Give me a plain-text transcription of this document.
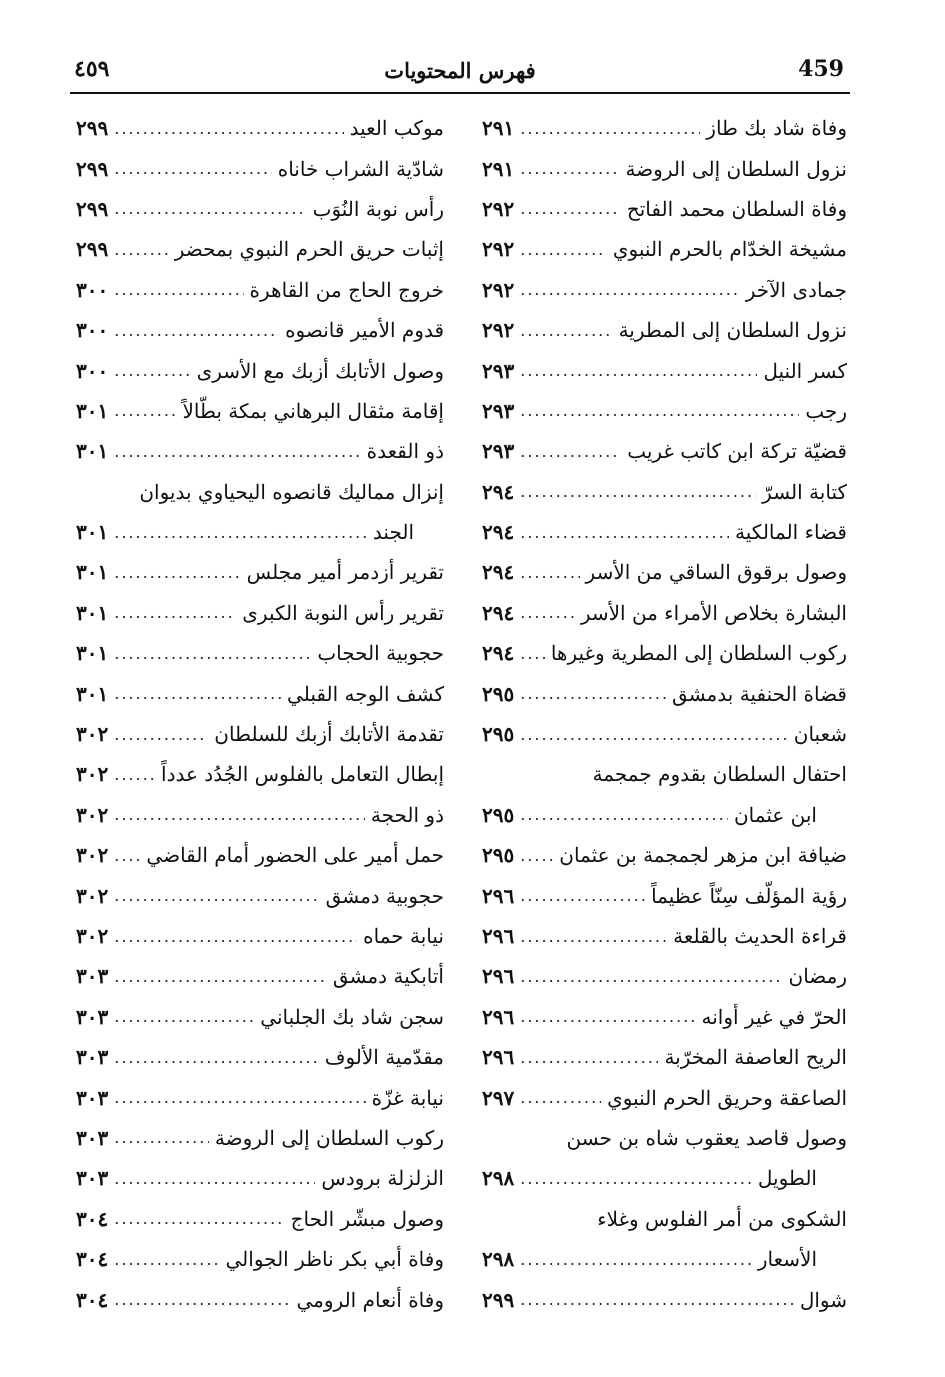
٤٥٩	فهرس المحتويات	459
وفاة شاد بك طاز
.....
٢٩١
نزول السلطان إلى الروضة
.....
٢٩١
وفاة السلطان محمد الفاتح
.....
٢٩٢
مشيخة الخدّام بالحرم النبوي
.....
٢٩٢
جمادى الآخر
.....
٢٩٢
نزول السلطان إلى المطرية
.....
٢٩٢
كسر النيل
.....
٢٩٣
رجب
.....
٢٩٣
قضيّة تركة ابن كاتب غريب
.....
٢٩٣
كتابة السرّ
.....
٢٩٤
قضاء المالكية
.....
٢٩٤
وصول برقوق الساقي من الأسر
.....
٢٩٤
البشارة بخلاص الأمراء من الأسر
.....
٢٩٤
ركوب السلطان إلى المطرية وغيرها
.....
٢٩٤
قضاة الحنفية بدمشق
.....
٢٩٥
شعبان
.....
٢٩٥
احتفال السلطان بقدوم جمجمة
ابن عثمان
.....
٢٩٥
ضيافة ابن مزهر لجمجمة بن عثمان
.....
٢٩٥
رؤية المؤلّف سِنّاً عظيماً
.....
٢٩٦
قراءة الحديث بالقلعة
.....
٢٩٦
رمضان
.....
٢٩٦
الحرّ في غير أوانه
.....
٢٩٦
الريح العاصفة المخرّبة
.....
٢٩٦
الصاعقة وحريق الحرم النبوي
.....
٢٩٧
وصول قاصد يعقوب شاه بن حسن
الطويل
.....
٢٩٨
الشكوى من أمر الفلوس وغلاء
الأسعار
.....
٢٩٨
شوال
.....
٢٩٩
موكب العيد
.....
٢٩٩
شادّية الشراب خاناه
.....
٢٩٩
رأس نوبة النُوَب
.....
٢٩٩
إثبات حريق الحرم النبوي بمحضر
.....
٢٩٩
خروج الحاج من القاهرة
.....
٣٠٠
قدوم الأمير قانصوه
.....
٣٠٠
وصول الأتابك أزبك مع الأسرى
.....
٣٠٠
إقامة مثقال البرهاني بمكة بطّالاً
.....
٣٠١
ذو القعدة
.....
٣٠١
إنزال مماليك قانصوه اليحياوي بديوان
الجند
.....
٣٠١
تقرير أزدمر أمير مجلس
.....
٣٠١
تقرير رأس النوبة الكبرى
.....
٣٠١
حجوبية الحجاب
.....
٣٠١
كشف الوجه القبلي
.....
٣٠١
تقدمة الأتابك أزبك للسلطان
.....
٣٠٢
إبطال التعامل بالفلوس الجُدُد عدداً
.....
٣٠٢
ذو الحجة
.....
٣٠٢
حمل أمير على الحضور أمام القاضي
.....
٣٠٢
حجوبية دمشق
.....
٣٠٢
نيابة حماه
.....
٣٠٢
أتابكية دمشق
.....
٣٠٣
سجن شاد بك الجلباني
.....
٣٠٣
مقدّمية الألوف
.....
٣٠٣
نيابة غزّة
.....
٣٠٣
ركوب السلطان إلى الروضة
.....
٣٠٣
الزلزلة برودس
.....
٣٠٣
وصول مبشّر الحاج
.....
٣٠٤
وفاة أبي بكر ناظر الجوالي
.....
٣٠٤
وفاة أنعام الرومي
.....
٣٠٤
